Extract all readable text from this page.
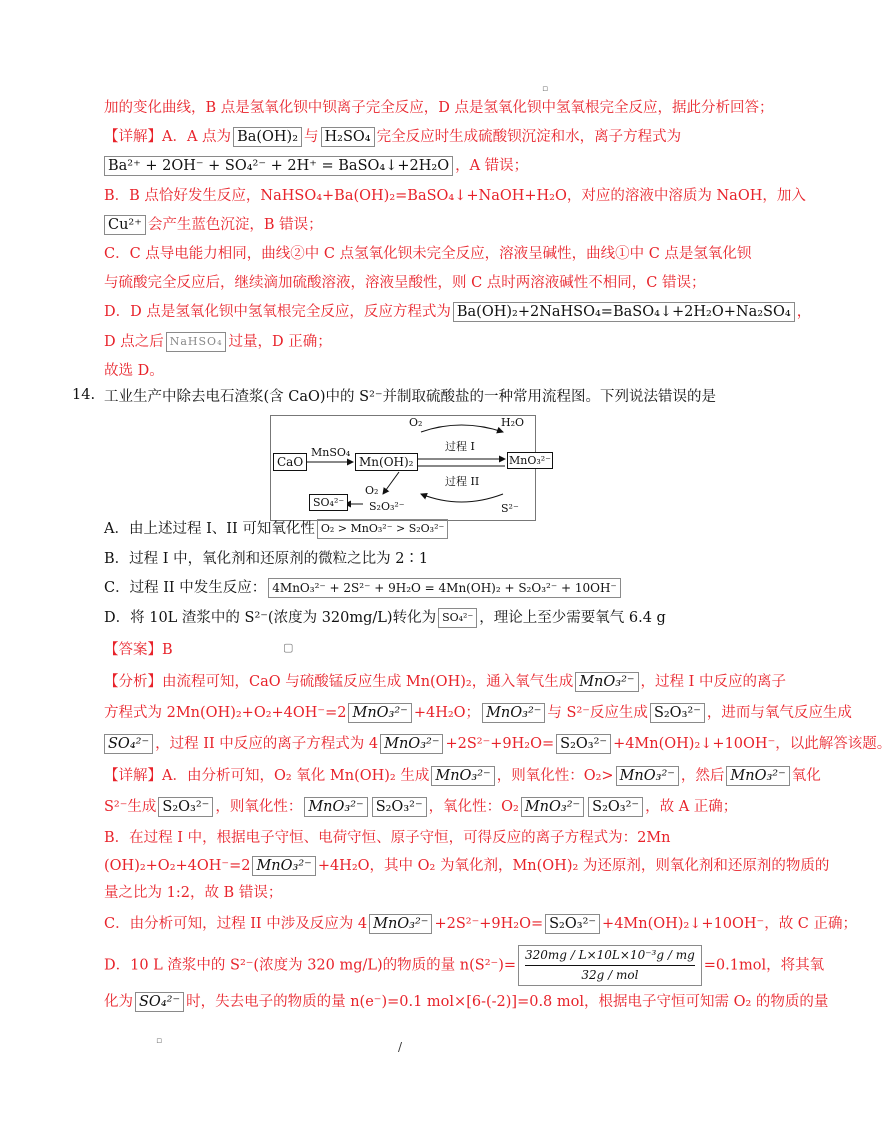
▫
加的变化曲线，B 点是氢氧化钡中钡离子完全反应，D 点是氢氧化钡中氢氧根完全反应，据此分析回答；
【详解】A．A 点为 Ba(OH)₂ 与 H₂SO₄ 完全反应时生成硫酸钡沉淀和水，离子方程式为
Ba²⁺ + 2OH⁻ + SO₄²⁻ + 2H⁺ = BaSO₄↓+2H₂O ，A 错误；
B．B 点恰好发生反应，NaHSO₄+Ba(OH)₂=BaSO₄↓+NaOH+H₂O，对应的溶液中溶质为 NaOH，加入
Cu²⁺ 会产生蓝色沉淀，B 错误；
C．C 点导电能力相同，曲线②中 C 点氢氧化钡未完全反应，溶液呈碱性，曲线①中 C 点是氢氧化钡
与硫酸完全反应后，继续滴加硫酸溶液，溶液呈酸性，则 C 点时两溶液碱性不相同，C 错误；
D．D 点是氢氧化钡中氢氧根完全反应，反应方程式为 Ba(OH)₂+2NaHSO₄=BaSO₄↓+2H₂O+Na₂SO₄ ，
D 点之后 NaHSO₄ 过量，D 正确；
故选 D。
14. 工业生产中除去电石渣浆(含 CaO)中的 S²⁻并制取硫酸盐的一种常用流程图。下列说法错误的是
CaO
MnSO₄
Mn(OH)₂	MnO₃²⁻
O₂	H₂O
过程 I
过程 II
S²⁻
S₂O₃²⁻
O₂
SO₄²⁻
A．由上述过程 I、II 可知氧化性 O₂ > MnO₃²⁻ > S₂O₃²⁻
B．过程 I 中，氧化剂和还原剂的微粒之比为 2∶1
C．过程 II 中发生反应： 4MnO₃²⁻ + 2S²⁻ + 9H₂O = 4Mn(OH)₂ + S₂O₃²⁻ + 10OH⁻
D．将 10L 渣浆中的 S²⁻(浓度为 320mg/L)转化为 SO₄²⁻ ，理论上至少需要氧气 6.4 g
【答案】B	▢
【分析】由流程可知，CaO 与硫酸锰反应生成 Mn(OH)₂，通入氧气生成 MnO₃²⁻ ，过程 I 中反应的离子
方程式为 2Mn(OH)₂+O₂+4OH⁻=2 MnO₃²⁻ +4H₂O； MnO₃²⁻ 与 S²⁻反应生成 S₂O₃²⁻ ，进而与氧气反应生成
SO₄²⁻ ，过程 II 中反应的离子方程式为 4 MnO₃²⁻ +2S²⁻+9H₂O= S₂O₃²⁻ +4Mn(OH)₂↓+10OH⁻，以此解答该题。
【详解】A．由分析可知，O₂ 氧化 Mn(OH)₂ 生成 MnO₃²⁻ ，则氧化性：O₂> MnO₃²⁻ ，然后 MnO₃²⁻ 氧化
S²⁻生成 S₂O₃²⁻ ，则氧化性： MnO₃²⁻ S₂O₃²⁻ ，氧化性：O₂ MnO₃²⁻ S₂O₃²⁻ ，故 A 正确；
B．在过程 I 中，根据电子守恒、电荷守恒、原子守恒，可得反应的离子方程式为：2Mn
(OH)₂+O₂+4OH⁻=2 MnO₃²⁻ +4H₂O，其中 O₂ 为氧化剂，Mn(OH)₂ 为还原剂，则氧化剂和还原剂的物质的
量之比为 1:2，故 B 错误；
C．由分析可知，过程 II 中涉及反应为 4 MnO₃²⁻ +2S²⁻+9H₂O= S₂O₃²⁻ +4Mn(OH)₂↓+10OH⁻，故 C 正确；
D．10 L 渣浆中的 S²⁻(浓度为 320 mg/L)的物质的量 $n(S^{2-})= \frac{\text{320mg / L×10L×10⁻³g / mg}}{\text{32g / mol}} =0.1mol$，将其氧
化为 SO₄²⁻ 时，失去电子的物质的量 n(e⁻)=0.1 mol×[6-(-2)]=0.8 mol，根据电子守恒可知需 O₂ 的物质的量
▫	/
